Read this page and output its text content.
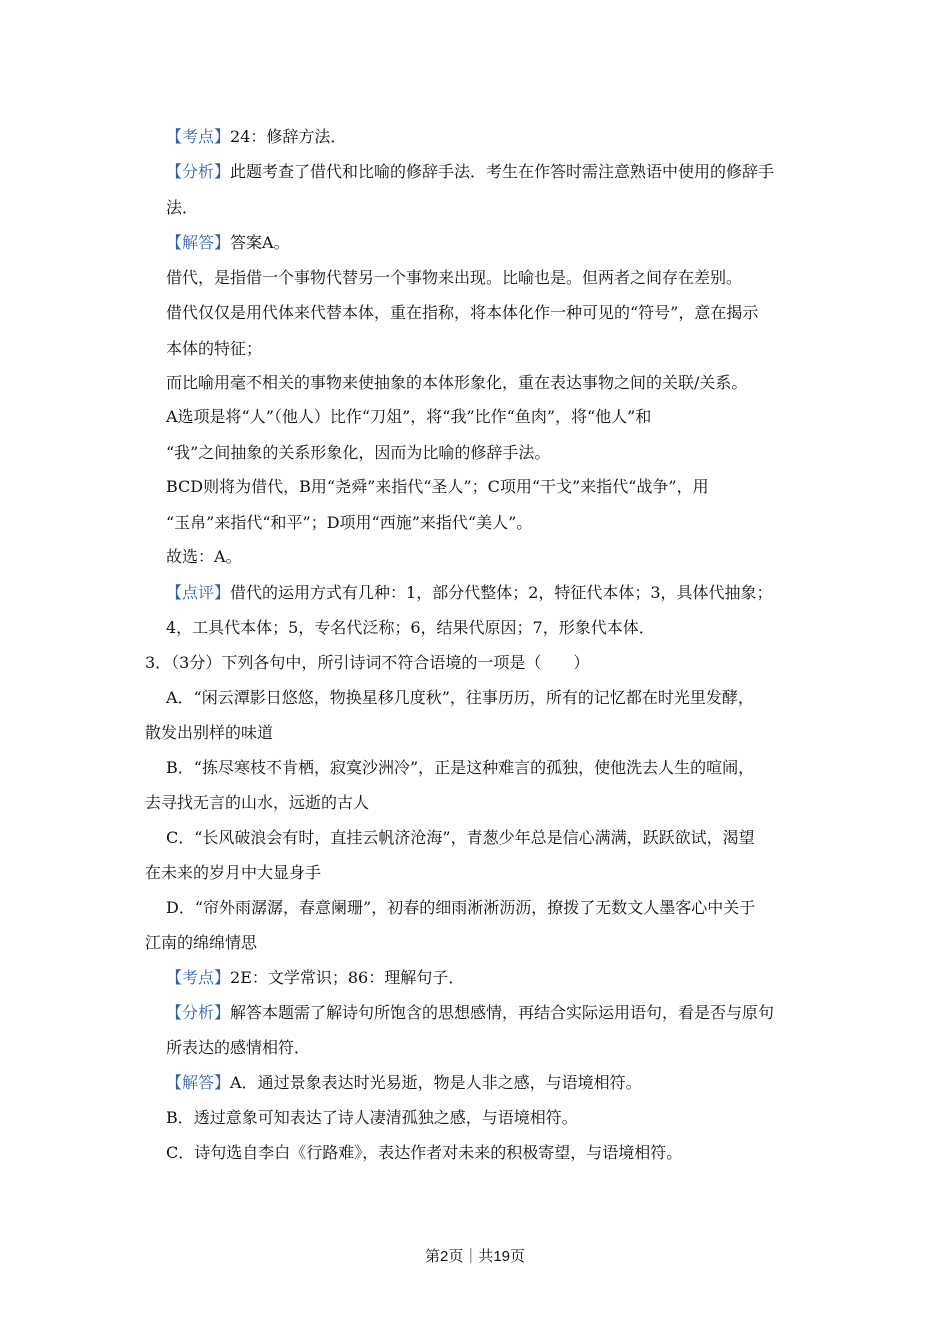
【考点】24：修辞方法．
【分析】此题考查了借代和比喻的修辞手法．考生在作答时需注意熟语中使用的修辞手
法．
【解答】答案A。
借代，是指借一个事物代替另一个事物来出现。比喻也是。但两者之间存在差别。
借代仅仅是用代体来代替本体，重在指称，将本体化作一种可见的“符号”，意在揭示
本体的特征；
而比喻用毫不相关的事物来使抽象的本体形象化，重在表达事物之间的关联/关系。
A选项是将“人”（他人）比作“刀俎”，将“我”比作“鱼肉”，将“他人”和
“我”之间抽象的关系形象化，因而为比喻的修辞手法。
BCD则将为借代，B用“尧舜”来指代“圣人”；C项用“干戈”来指代“战争”，用
“玉帛”来指代“和平”；D项用“西施”来指代“美人”。
故选：A。
【点评】借代的运用方式有几种：1，部分代整体；2，特征代本体；3，具体代抽象；
4，工具代本体；5，专名代泛称；6，结果代原因；7，形象代本体．
3．（3分）下列各句中，所引诗词不符合语境的一项是（　　）
A．“闲云潭影日悠悠，物换星移几度秋”，往事历历，所有的记忆都在时光里发酵，
散发出别样的味道
B．“拣尽寒枝不肯栖，寂寞沙洲冷”，正是这种难言的孤独，使他洗去人生的喧闹，
去寻找无言的山水，远逝的古人
C．“长风破浪会有时，直挂云帆济沧海”，青葱少年总是信心满满，跃跃欲试，渴望
在未来的岁月中大显身手
D．“帘外雨潺潺，春意阑珊”，初春的细雨淅淅沥沥，撩拨了无数文人墨客心中关于
江南的绵绵情思
【考点】2E：文学常识；86：理解句子．
【分析】解答本题需了解诗句所饱含的思想感情，再结合实际运用语句，看是否与原句
所表达的感情相符．
【解答】A．通过景象表达时光易逝，物是人非之感，与语境相符。
B．透过意象可知表达了诗人凄清孤独之感，与语境相符。
C．诗句选自李白《行路难》，表达作者对未来的积极寄望，与语境相符。
第2页｜共19页
